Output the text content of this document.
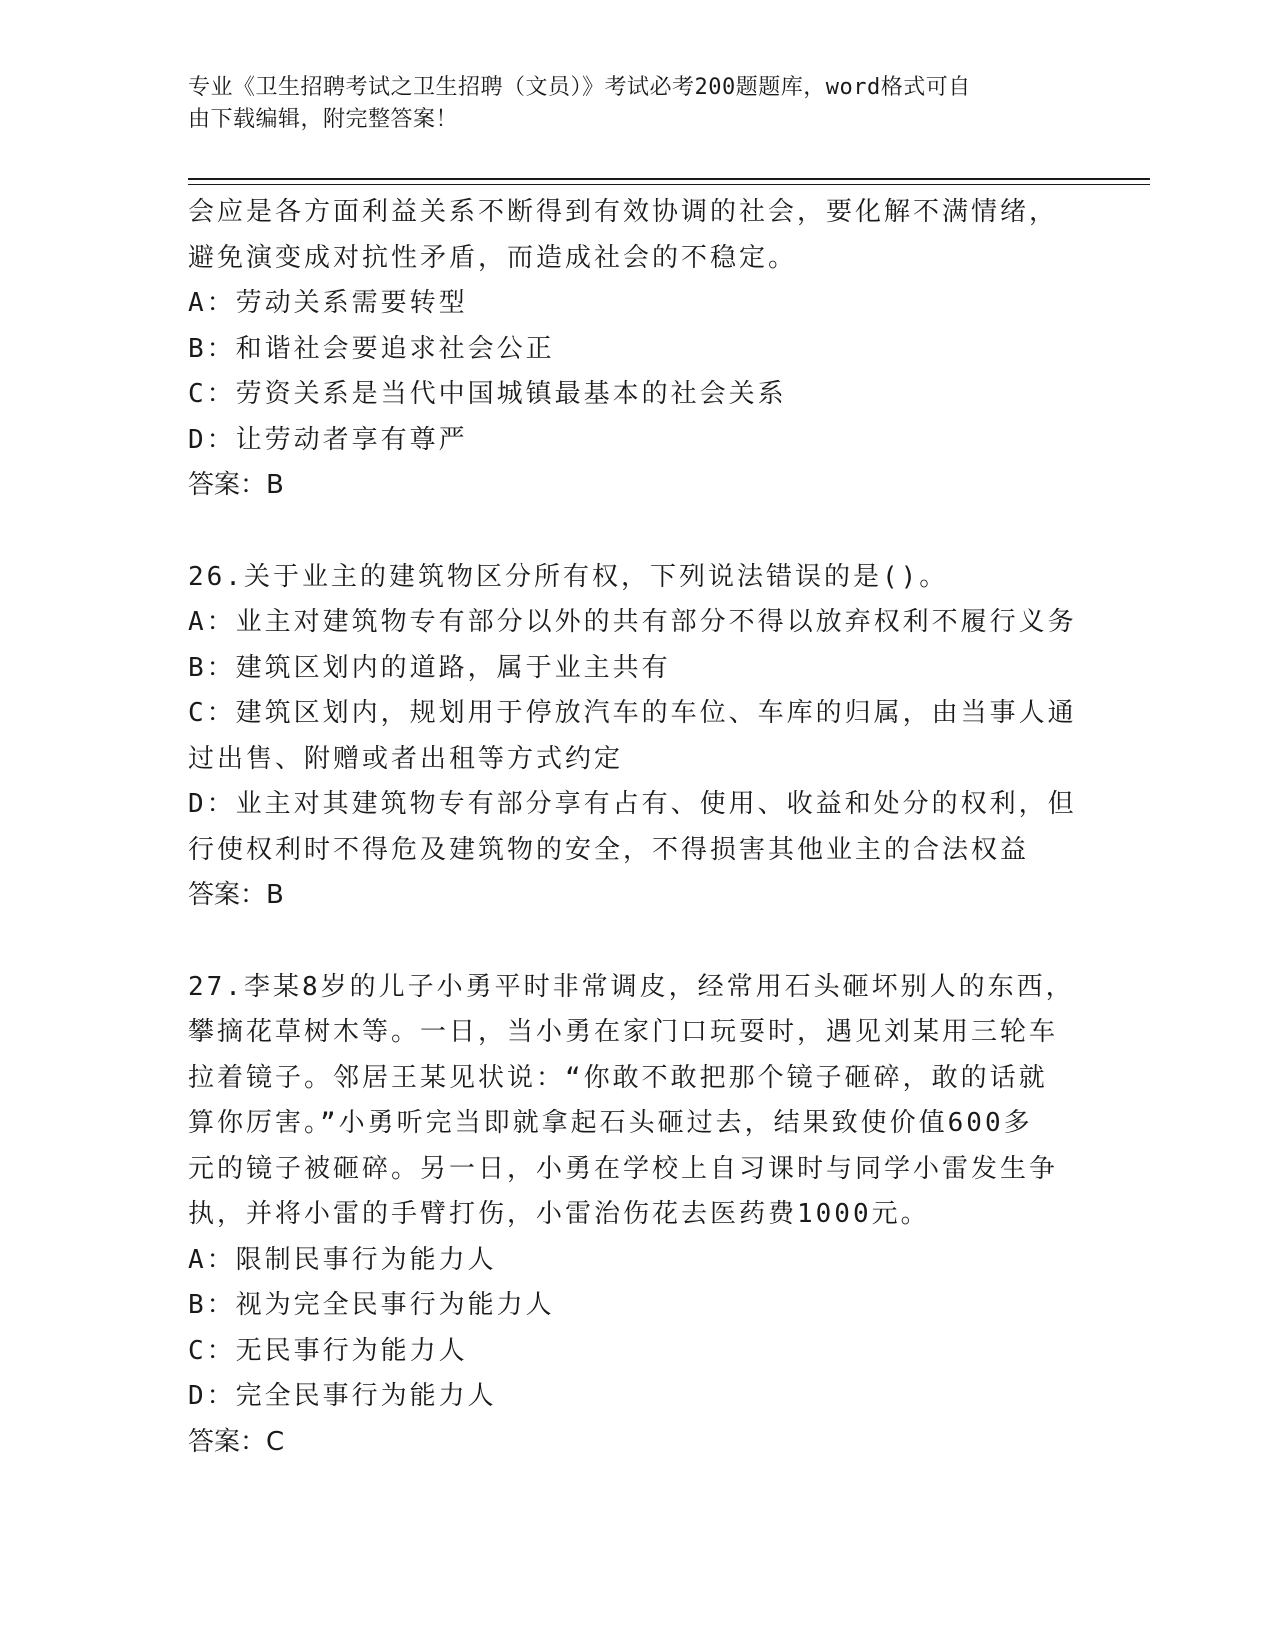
专业《卫生招聘考试之卫生招聘（文员）》考试必考200题题库，word格式可自
由下载编辑，附完整答案！
会应是各方面利益关系不断得到有效协调的社会，要化解不满情绪，
避免演变成对抗性矛盾，而造成社会的不稳定。
A：劳动关系需要转型
B：和谐社会要追求社会公正
C：劳资关系是当代中国城镇最基本的社会关系
D：让劳动者享有尊严
答案：B
26.关于业主的建筑物区分所有权，下列说法错误的是()。
A：业主对建筑物专有部分以外的共有部分不得以放弃权利不履行义务
B：建筑区划内的道路，属于业主共有
C：建筑区划内，规划用于停放汽车的车位、车库的归属，由当事人通
过出售、附赠或者出租等方式约定
D：业主对其建筑物专有部分享有占有、使用、收益和处分的权利，但
行使权利时不得危及建筑物的安全，不得损害其他业主的合法权益
答案：B
27.李某8岁的儿子小勇平时非常调皮，经常用石头砸坏别人的东西，
攀摘花草树木等。一日，当小勇在家门口玩耍时，遇见刘某用三轮车
拉着镜子。邻居王某见状说：“你敢不敢把那个镜子砸碎，敢的话就
算你厉害。”小勇听完当即就拿起石头砸过去，结果致使价值600多
元的镜子被砸碎。另一日，小勇在学校上自习课时与同学小雷发生争
执，并将小雷的手臂打伤，小雷治伤花去医药费1000元。
A：限制民事行为能力人
B：视为完全民事行为能力人
C：无民事行为能力人
D：完全民事行为能力人
答案：C
